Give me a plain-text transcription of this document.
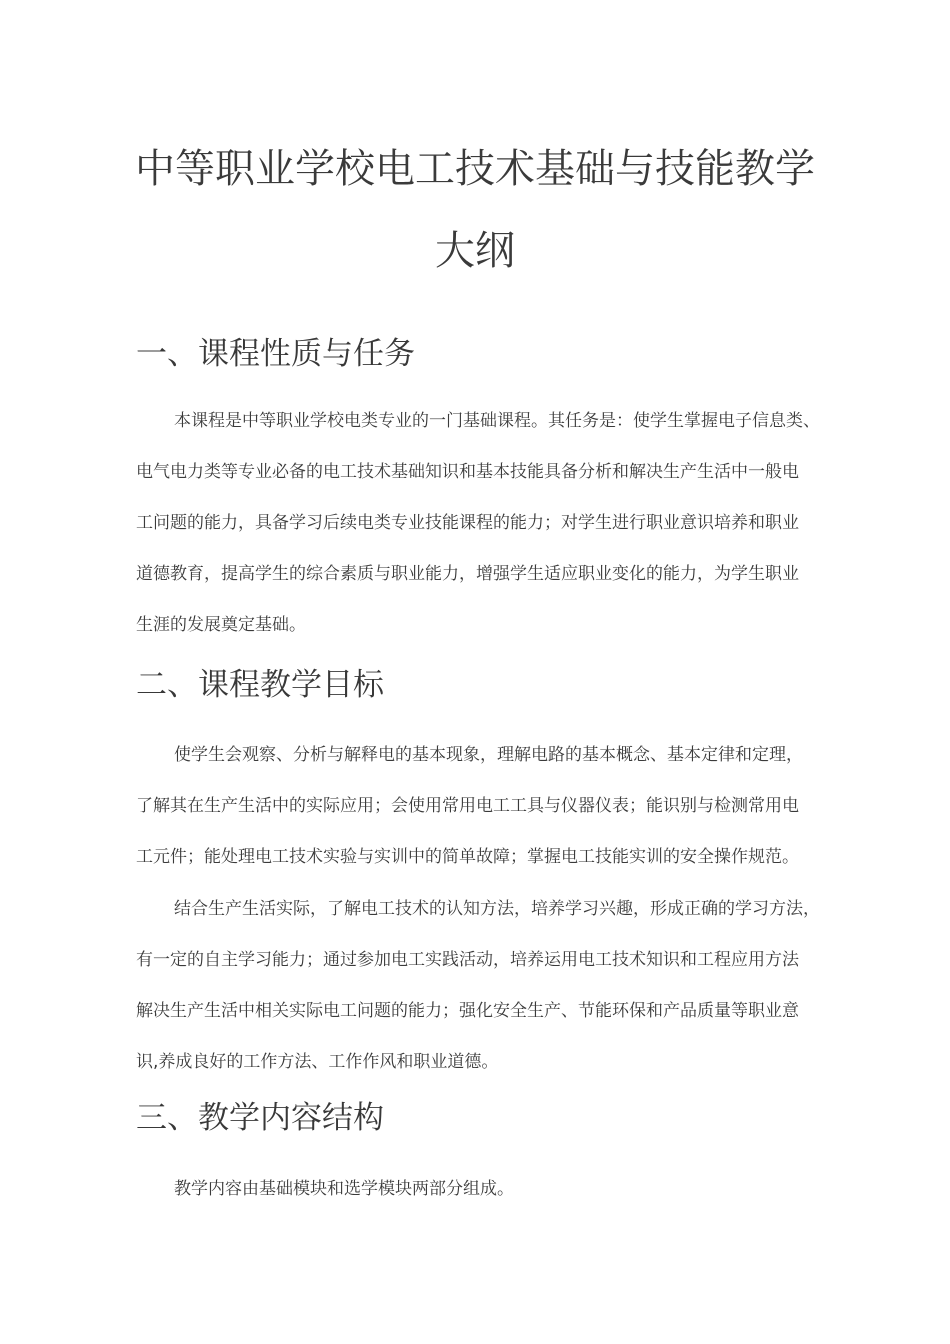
中等职业学校电工技术基础与技能教学
大纲
一、课程性质与任务
本课程是中等职业学校电类专业的一门基础课程。其任务是：使学生掌握电子信息类、
电气电力类等专业必备的电工技术基础知识和基本技能具备分析和解决生产生活中一般电
工问题的能力，具备学习后续电类专业技能课程的能力；对学生进行职业意识培养和职业
道德教育，提高学生的综合素质与职业能力，增强学生适应职业变化的能力，为学生职业
生涯的发展奠定基础。
二、课程教学目标
使学生会观察、分析与解释电的基本现象，理解电路的基本概念、基本定律和定理，
了解其在生产生活中的实际应用；会使用常用电工工具与仪器仪表；能识别与检测常用电
工元件；能处理电工技术实验与实训中的简单故障；掌握电工技能实训的安全操作规范。
结合生产生活实际，了解电工技术的认知方法，培养学习兴趣，形成正确的学习方法，
有一定的自主学习能力；通过参加电工实践活动，培养运用电工技术知识和工程应用方法
解决生产生活中相关实际电工问题的能力；强化安全生产、节能环保和产品质量等职业意
识,养成良好的工作方法、工作作风和职业道德。
三、教学内容结构
教学内容由基础模块和选学模块两部分组成。
